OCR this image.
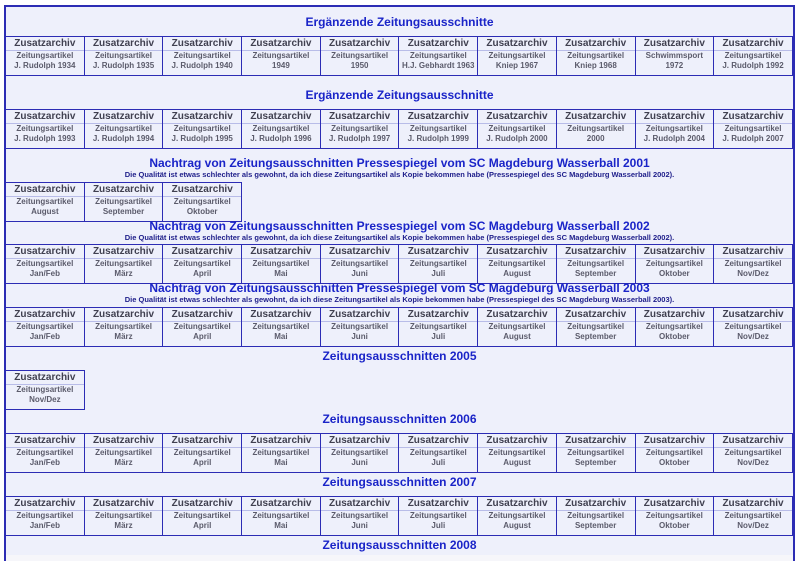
Ergänzende Zeitungsausschnitte
Zusatzarchiv
Zeitungsartikel
J. Rudolph 1934
Zusatzarchiv
Zeitungsartikel
J. Rudolph 1935
Zusatzarchiv
Zeitungsartikel
J. Rudolph 1940
Zusatzarchiv
Zeitungsartikel
1949
Zusatzarchiv
Zeitungsartikel
1950
Zusatzarchiv
Zeitungsartikel
H.J. Gebhardt 1963
Zusatzarchiv
Zeitungsartikel
Kniep 1967
Zusatzarchiv
Zeitungsartikel
Kniep 1968
Zusatzarchiv
Schwimmsport
1972
Zusatzarchiv
Zeitungsartikel
J. Rudolph 1992
Ergänzende Zeitungsausschnitte
Zusatzarchiv
Zeitungsartikel
J. Rudolph 1993
Zusatzarchiv
Zeitungsartikel
J. Rudolph 1994
Zusatzarchiv
Zeitungsartikel
J. Rudolph 1995
Zusatzarchiv
Zeitungsartikel
J. Rudolph 1996
Zusatzarchiv
Zeitungsartikel
J. Rudolph 1997
Zusatzarchiv
Zeitungsartikel
J. Rudolph 1999
Zusatzarchiv
Zeitungsartikel
J. Rudolph 2000
Zusatzarchiv
Zeitungsartikel
2000
Zusatzarchiv
Zeitungsartikel
J. Rudolph 2004
Zusatzarchiv
Zeitungsartikel
J. Rudolph 2007
Nachtrag von Zeitungsausschnitten Pressespiegel vom SC Magdeburg Wasserball 2001
Die Qualität ist etwas schlechter als gewohnt, da ich diese Zeitungsartikel als Kopie bekommen habe (Pressespiegel des SC Magdeburg Wasserball 2002).
Zusatzarchiv
Zeitungsartikel
August
Zusatzarchiv
Zeitungsartikel
September
Zusatzarchiv
Zeitungsartikel
Oktober
Nachtrag von Zeitungsausschnitten Pressespiegel vom SC Magdeburg Wasserball 2002
Die Qualität ist etwas schlechter als gewohnt, da ich diese Zeitungsartikel als Kopie bekommen habe (Pressespiegel des SC Magdeburg Wasserball 2002).
Zusatzarchiv
Zeitungsartikel
Jan/Feb
Zusatzarchiv
Zeitungsartikel
März
Zusatzarchiv
Zeitungsartikel
April
Zusatzarchiv
Zeitungsartikel
Mai
Zusatzarchiv
Zeitungsartikel
Juni
Zusatzarchiv
Zeitungsartikel
Juli
Zusatzarchiv
Zeitungsartikel
August
Zusatzarchiv
Zeitungsartikel
September
Zusatzarchiv
Zeitungsartikel
Oktober
Zusatzarchiv
Zeitungsartikel
Nov/Dez
Nachtrag von Zeitungsausschnitten Pressespiegel vom SC Magdeburg Wasserball 2003
Die Qualität ist etwas schlechter als gewohnt, da ich diese Zeitungsartikel als Kopie bekommen habe (Pressespiegel des SC Magdeburg Wasserball 2003).
Zusatzarchiv
Zeitungsartikel
Jan/Feb
Zusatzarchiv
Zeitungsartikel
März
Zusatzarchiv
Zeitungsartikel
April
Zusatzarchiv
Zeitungsartikel
Mai
Zusatzarchiv
Zeitungsartikel
Juni
Zusatzarchiv
Zeitungsartikel
Juli
Zusatzarchiv
Zeitungsartikel
August
Zusatzarchiv
Zeitungsartikel
September
Zusatzarchiv
Zeitungsartikel
Oktober
Zusatzarchiv
Zeitungsartikel
Nov/Dez
Zeitungsausschnitten 2005
Zusatzarchiv
Zeitungsartikel
Nov/Dez
Zeitungsausschnitten 2006
Zusatzarchiv
Zeitungsartikel
Jan/Feb
Zusatzarchiv
Zeitungsartikel
März
Zusatzarchiv
Zeitungsartikel
April
Zusatzarchiv
Zeitungsartikel
Mai
Zusatzarchiv
Zeitungsartikel
Juni
Zusatzarchiv
Zeitungsartikel
Juli
Zusatzarchiv
Zeitungsartikel
August
Zusatzarchiv
Zeitungsartikel
September
Zusatzarchiv
Zeitungsartikel
Oktober
Zusatzarchiv
Zeitungsartikel
Nov/Dez
Zeitungsausschnitten 2007
Zusatzarchiv
Zeitungsartikel
Jan/Feb
Zusatzarchiv
Zeitungsartikel
März
Zusatzarchiv
Zeitungsartikel
April
Zusatzarchiv
Zeitungsartikel
Mai
Zusatzarchiv
Zeitungsartikel
Juni
Zusatzarchiv
Zeitungsartikel
Juli
Zusatzarchiv
Zeitungsartikel
August
Zusatzarchiv
Zeitungsartikel
September
Zusatzarchiv
Zeitungsartikel
Oktober
Zusatzarchiv
Zeitungsartikel
Nov/Dez
Zeitungsausschnitten 2008
